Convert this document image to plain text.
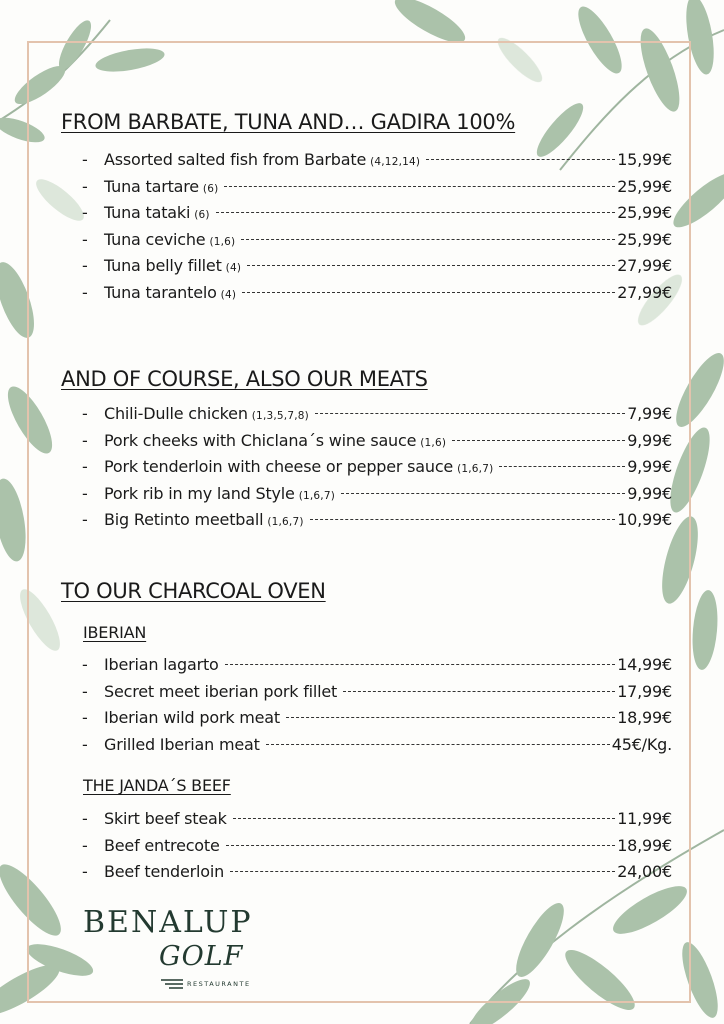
FROM BARBATE, TUNA AND… GADIRA 100%
-	Assorted salted fish from Barbate (4,12,14)	15,99€
-	Tuna tartare (6)	25,99€
-	Tuna tataki (6)	25,99€
-	Tuna ceviche (1,6)	25,99€
-	Tuna belly fillet (4)	27,99€
-	Tuna tarantelo (4)	27,99€
AND OF COURSE, ALSO OUR MEATS
-	Chili-Dulle chicken (1,3,5,7,8)	7,99€
-	Pork cheeks with Chiclana´s wine sauce (1,6)	9,99€
-	Pork tenderloin with cheese or pepper sauce (1,6,7)	9,99€
-	Pork rib in my land Style (1,6,7)	9,99€
-	Big Retinto meetball (1,6,7)	10,99€
TO OUR CHARCOAL OVEN
IBERIAN
-	Iberian lagarto	14,99€
-	Secret meet iberian pork fillet	17,99€
-	Iberian wild pork meat	18,99€
-	Grilled Iberian meat	45€/Kg.
THE JANDA´S BEEF
-	Skirt beef steak	11,99€
-	Beef entrecote	18,99€
-	Beef tenderloin	24,00€
BENALUP
GOLF
RESTAURANTE
